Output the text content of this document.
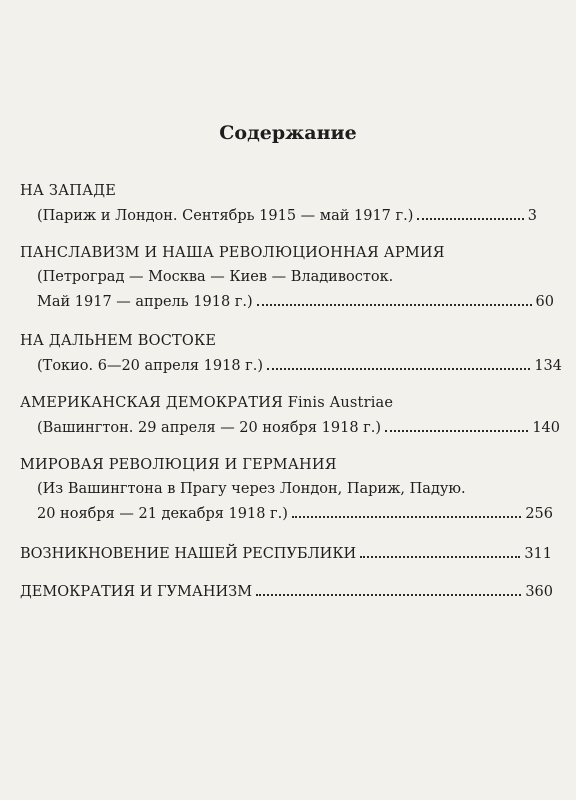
Содержание
НА ЗАПАДЕ
(Париж и Лондон. Сентябрь 1915 — май 1917 г.)	3
ПАНСЛАВИЗМ И НАША РЕВОЛЮЦИОННАЯ АРМИЯ
(Петроград — Москва — Киев — Владивосток.
Май 1917 — апрель 1918 г.)	60
НА ДАЛЬНЕМ ВОСТОКЕ
(Токио. 6—20 апреля 1918 г.)	134
АМЕРИКАНСКАЯ ДЕМОКРАТИЯ Finis Austriae
(Вашингтон. 29 апреля — 20 ноября 1918 г.)	140
МИРОВАЯ РЕВОЛЮЦИЯ И ГЕРМАНИЯ
(Из Вашингтона в Прагу через Лондон, Париж, Падую.
20 ноября — 21 декабря 1918 г.)	256
ВОЗНИКНОВЕНИЕ НАШЕЙ РЕСПУБЛИКИ	311
ДЕМОКРАТИЯ И ГУМАНИЗМ	360
